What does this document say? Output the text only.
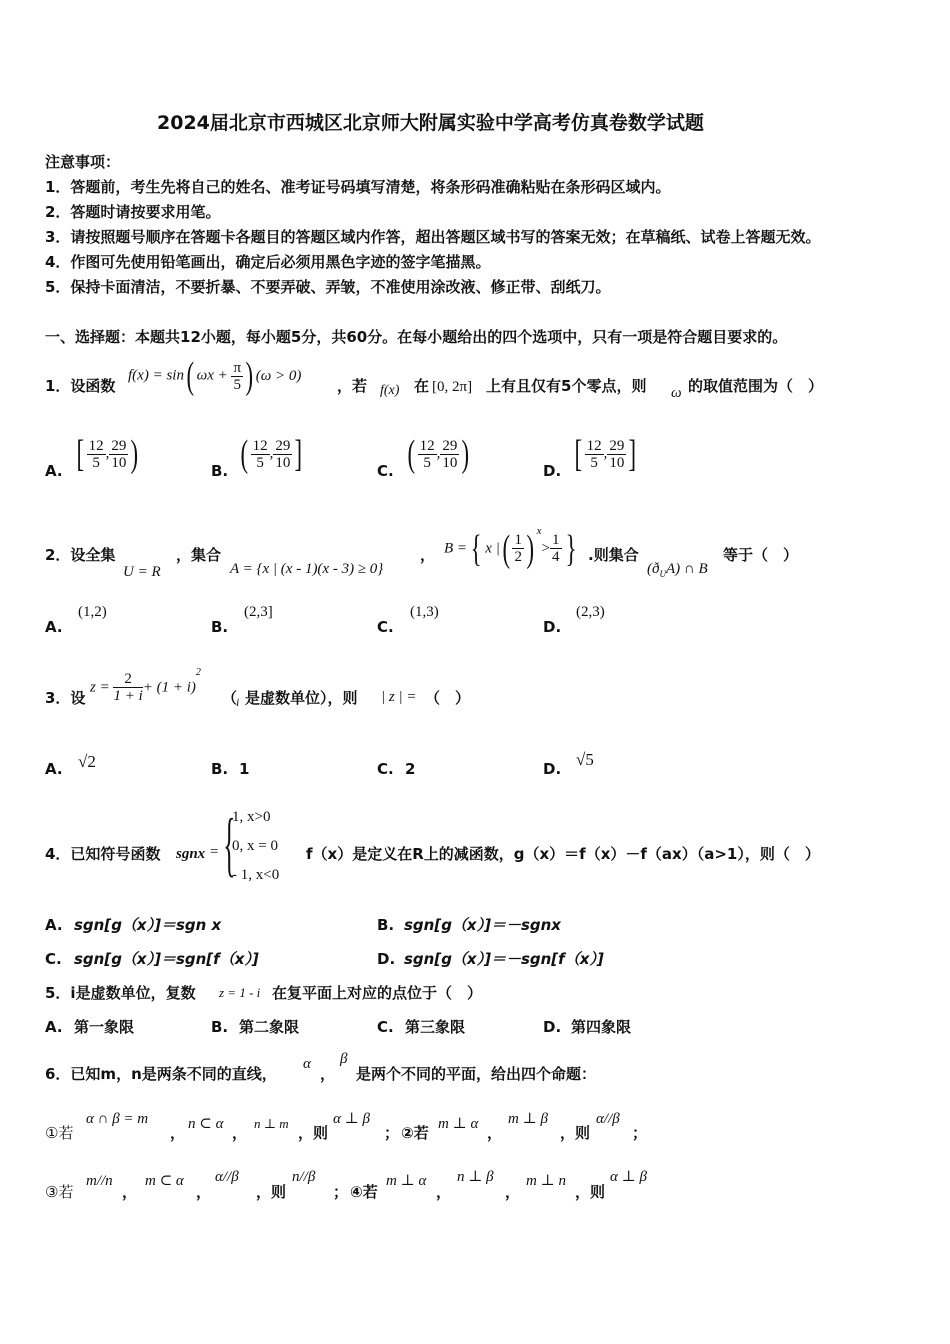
2024届北京市西城区北京师大附属实验中学高考仿真卷数学试题
注意事项：
1．答题前，考生先将自己的姓名、准考证号码填写清楚，将条形码准确粘贴在条形码区域内。
2．答题时请按要求用笔。
3．请按照题号顺序在答题卡各题目的答题区域内作答，超出答题区域书写的答案无效；在草稿纸、试卷上答题无效。
4．作图可先使用铅笔画出，确定后必须用黑色字迹的签字笔描黑。
5．保持卡面清洁，不要折暴、不要弄破、弄皱，不准使用涂改液、修正带、刮纸刀。
一、选择题：本题共12小题，每小题5分，共60分。在每小题给出的四个选项中，只有一项是符合题目要求的。
1．设函数
f(x) = sin( $\omega x + \frac{\pi}{5}$ ) (ω > 0)
，若 f(x) 在 [0, 2π] 上有且仅有5个零点，则 ω 的取值范围为（　）
A. [ $\frac{12}{5}$ , $\frac{29}{10}$ )	B. ( $\frac{12}{5}$ , $\frac{29}{10}$ ]	C. ( $\frac{12}{5}$ , $\frac{29}{10}$ )	D. [ $\frac{12}{5}$ , $\frac{29}{10}$ ]
2．设全集
U = R
，集合
A = {x | (x - 1)(x - 3) ≥ 0}
， B ={ x |( $\frac{1}{2}$ ) $^x> \frac{1}{4}$ } .则集合
$(ð_UA)$ ∩ B
等于（　）
A.
(1,2)
B.
(2,3]
C.
(1,3)
D.
(2,3)
3．设
$z = \frac{2}{1 + i} + (1 + i)^2$
（
i 是虚数单位），则 | z | = （　）
A. √2	B. 1	C. 2	D. √5
4．已知符号函数 sgnx = {
1, x>0
0, x = 0
- 1, x<0
f（x）是定义在R上的减函数，g（x）＝f（x）－f（ax）（a>1），则（　）
A. sgn[g（x）]＝sgn x	B. sgn[g（x）]＝－sgnx
C. sgn[g（x）]＝sgn[f（x）]	D. sgn[g（x）]＝－sgn[f（x）]
5．i是虚数单位，复数 z = 1 - i 在复平面上对应的点位于（　）
A. 第一象限	B. 第二象限	C. 第三象限	D. 第四象限
6．已知m，n是两条不同的直线，
α
，
β
是两个不同的平面，给出四个命题：
①若
α ∩ β = m
， n ⊂ α ，
n ⊥ m
，则
α ⊥ β
； ②若 m ⊥ α ，
m ⊥ β
，则
α//β
；
③若
m//n
，
m ⊂ α
，
α//β
，则
n//β
； ④若
m ⊥ α
，
n ⊥ β
，
m ⊥ n
，则
α ⊥ β
